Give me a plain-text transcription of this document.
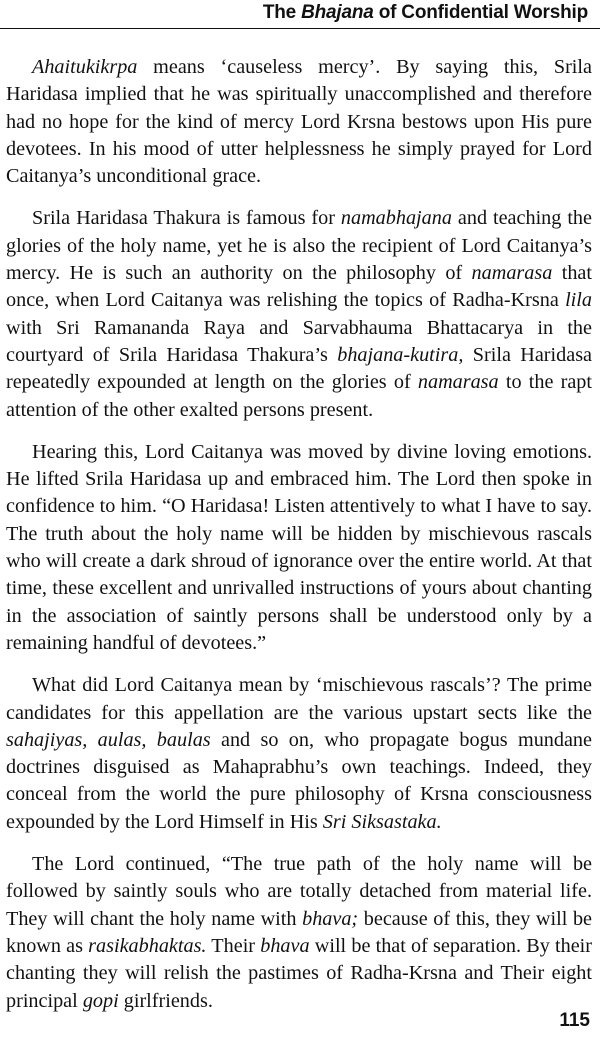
The Bhajana of Confidential Worship

Ahaitukikrpa means ‘causeless mercy’. By saying this, Srila Haridasa implied that he was spiritually unaccomplished and therefore had no hope for the kind of mercy Lord Krsna bestows upon His pure devotees. In his mood of utter helplessness he simply prayed for Lord Caitanya’s unconditional grace.

Srila Haridasa Thakura is famous for namabhajana and teaching the glories of the holy name, yet he is also the recipient of Lord Caitanya’s mercy. He is such an authority on the philosophy of namarasa that once, when Lord Caitanya was relishing the topics of Radha-Krsna lila with Sri Ramananda Raya and Sarvabhauma Bhattacarya in the courtyard of Srila Haridasa Thakura’s bhajana-kutira, Srila Haridasa repeatedly expounded at length on the glories of namarasa to the rapt attention of the other exalted persons present.

Hearing this, Lord Caitanya was moved by divine loving emotions. He lifted Srila Haridasa up and embraced him. The Lord then spoke in confidence to him. “O Haridasa! Listen attentively to what I have to say. The truth about the holy name will be hidden by mischievous rascals who will create a dark shroud of ignorance over the entire world. At that time, these excellent and unrivalled instructions of yours about chanting in the association of saintly persons shall be understood only by a remaining handful of devotees.”

What did Lord Caitanya mean by ‘mischievous rascals’? The prime candidates for this appellation are the various upstart sects like the sahajiyas, aulas, baulas and so on, who propagate bogus mundane doctrines disguised as Mahaprabhu’s own teachings. Indeed, they conceal from the world the pure philosophy of Krsna consciousness expounded by the Lord Himself in His Sri Siksastaka.

The Lord continued, “The true path of the holy name will be followed by saintly souls who are totally detached from material life. They will chant the holy name with bhava; because of this, they will be known as rasikabhaktas. Their bhava will be that of separation. By their chanting they will relish the pastimes of Radha-Krsna and Their eight principal gopi girlfriends.

115
